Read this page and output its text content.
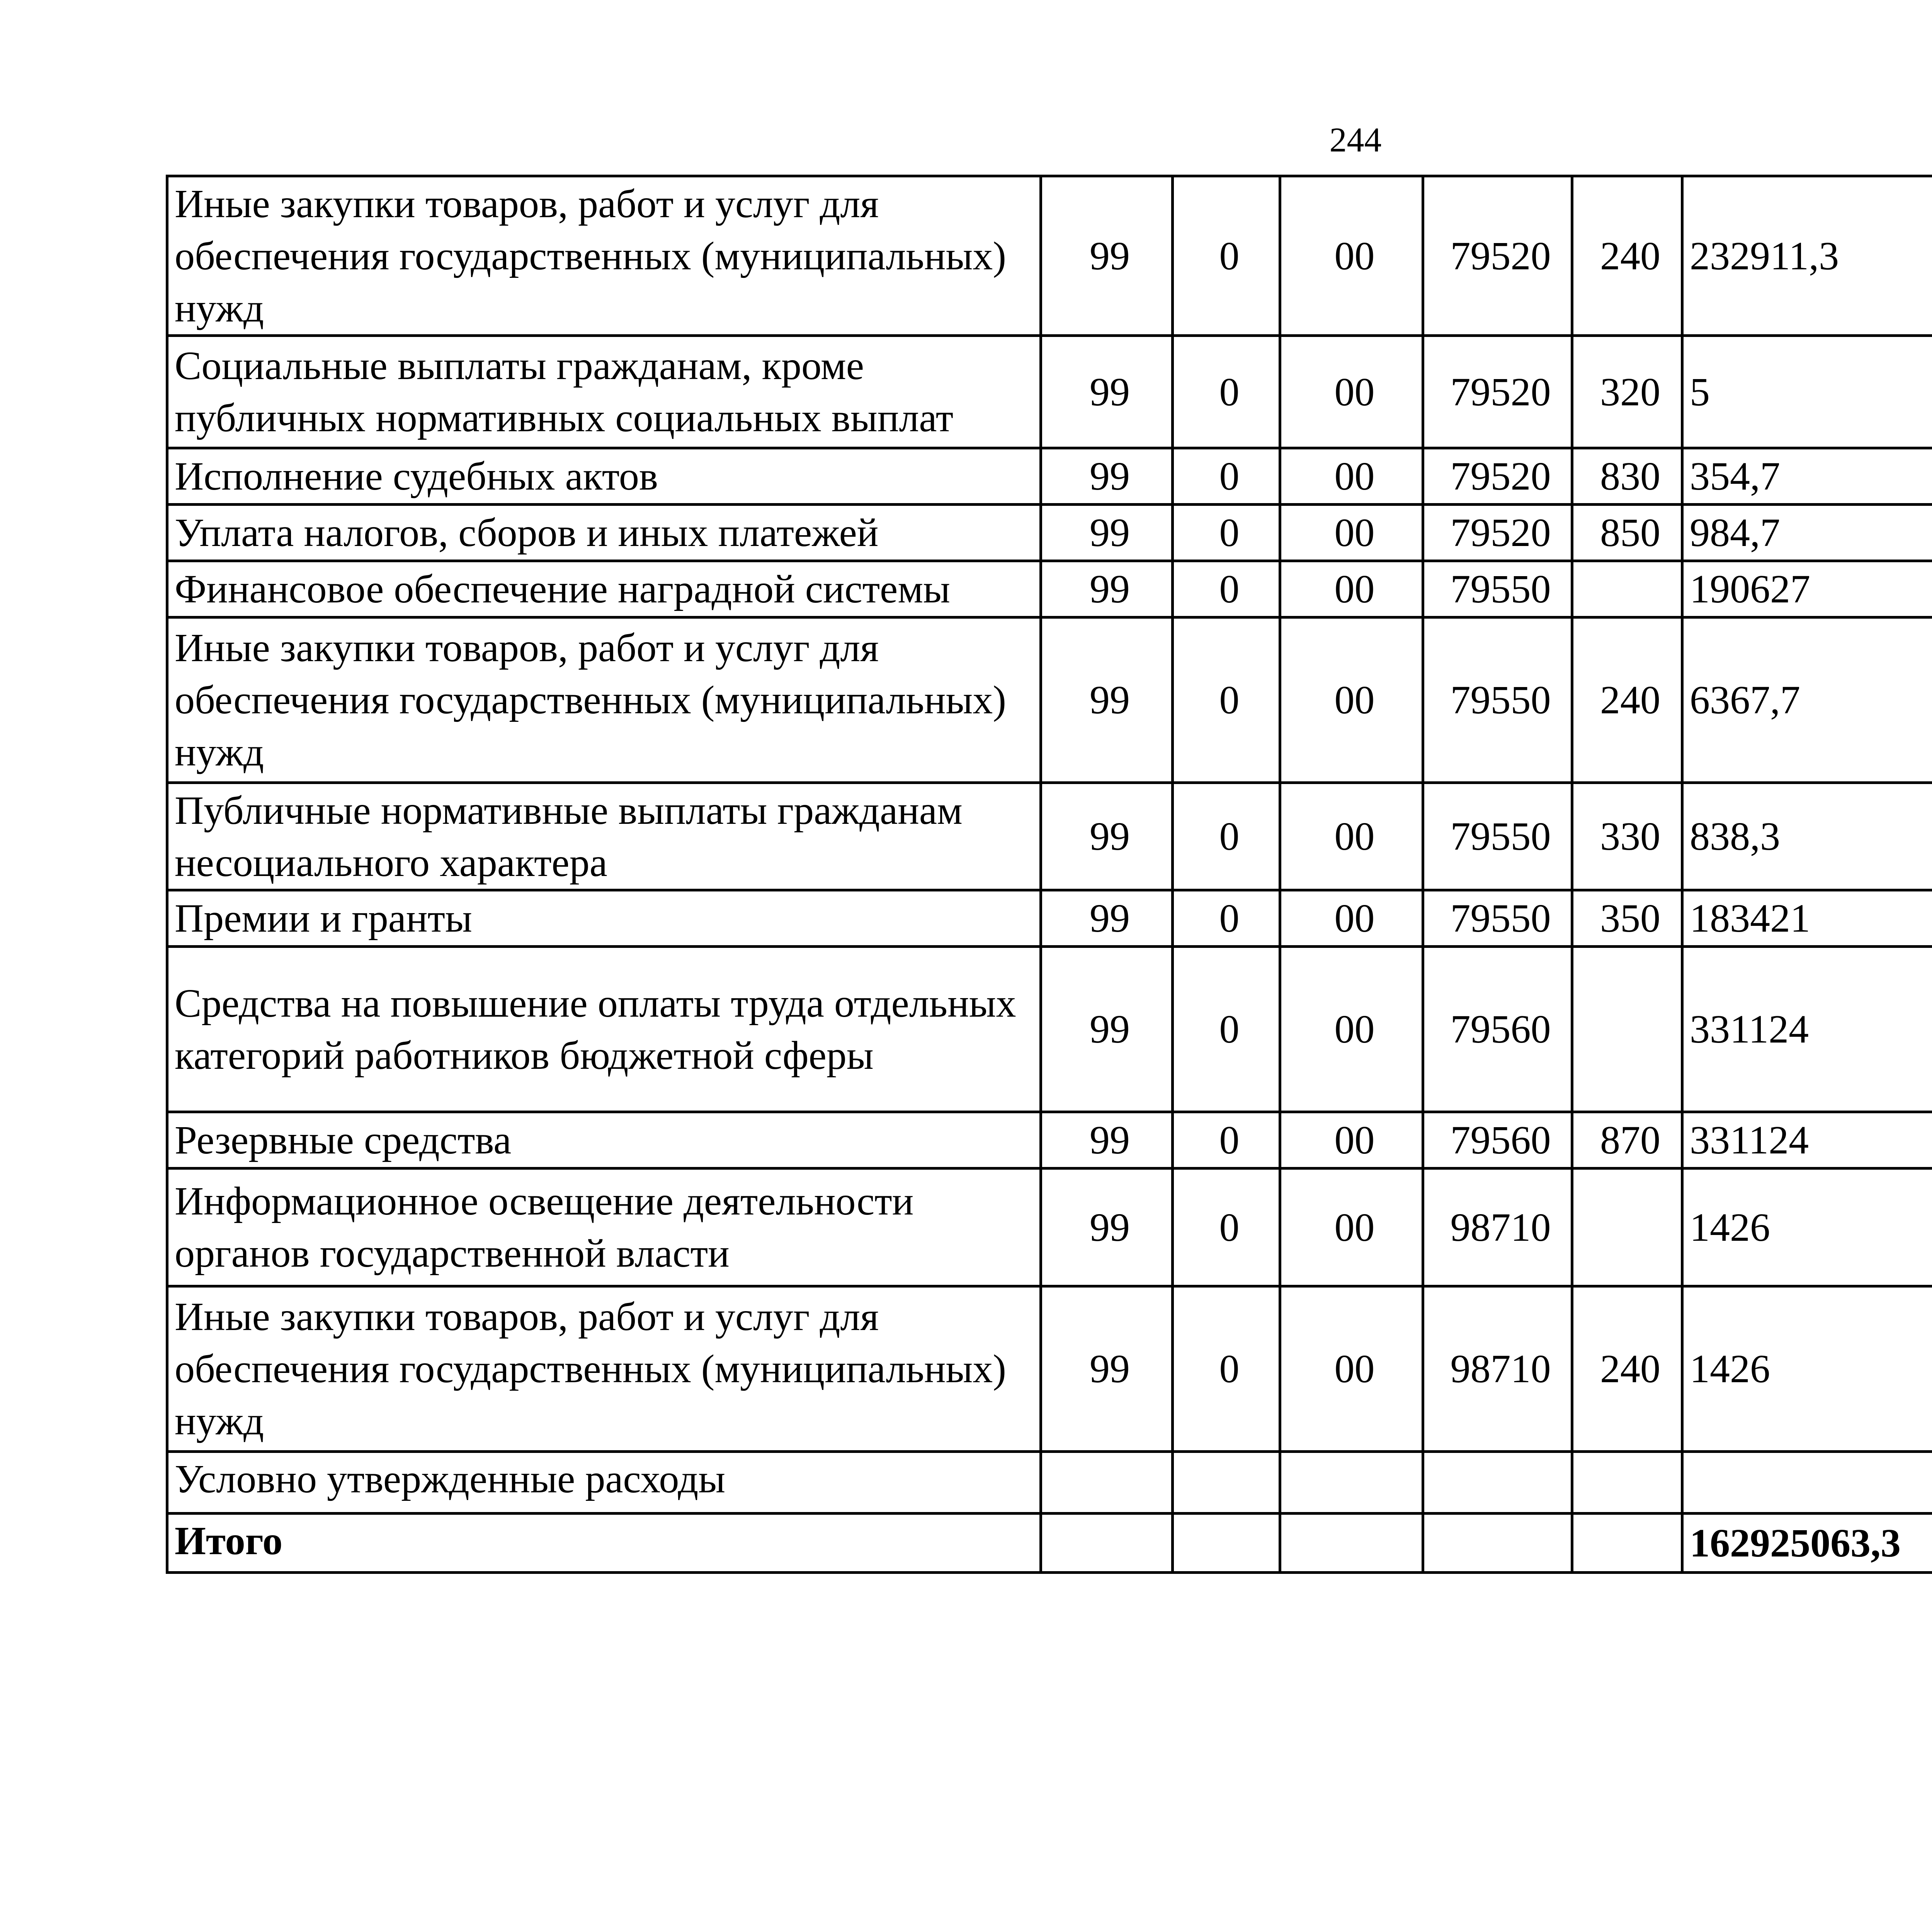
244
Иные закупки товаров, работ и услуг для обеспечения государственных (муниципальных) нужд	99	0	00	79520	240	232911,3		
Социальные выплаты гражданам, кроме публичных нормативных социальных выплат	99	0	00	79520	320	5		
Исполнение судебных актов	99	0	00	79520	830	354,7		
Уплата налогов, сборов и иных платежей	99	0	00	79520	850	984,7		
Финансовое обеспечение наградной системы	99	0	00	79550		190627		
Иные закупки товаров, работ и услуг для обеспечения государственных (муниципальных) нужд	99	0	00	79550	240	6367,7		
Публичные нормативные выплаты гражданам несоциального характера	99	0	00	79550	330	838,3		
Премии и гранты	99	0	00	79550	350	183421		
Средства на повышение оплаты труда отдельных категорий работников бюджетной сферы	99	0	00	79560		331124		
Резервные средства	99	0	00	79560	870	331124		
Информационное освещение деятельности органов государственной власти	99	0	00	98710		1426		
Иные закупки товаров, работ и услуг для обеспечения государственных (муниципальных) нужд	99	0	00	98710	240	1426		
Условно утвержденные расходы								
Итого						162925063,3		
